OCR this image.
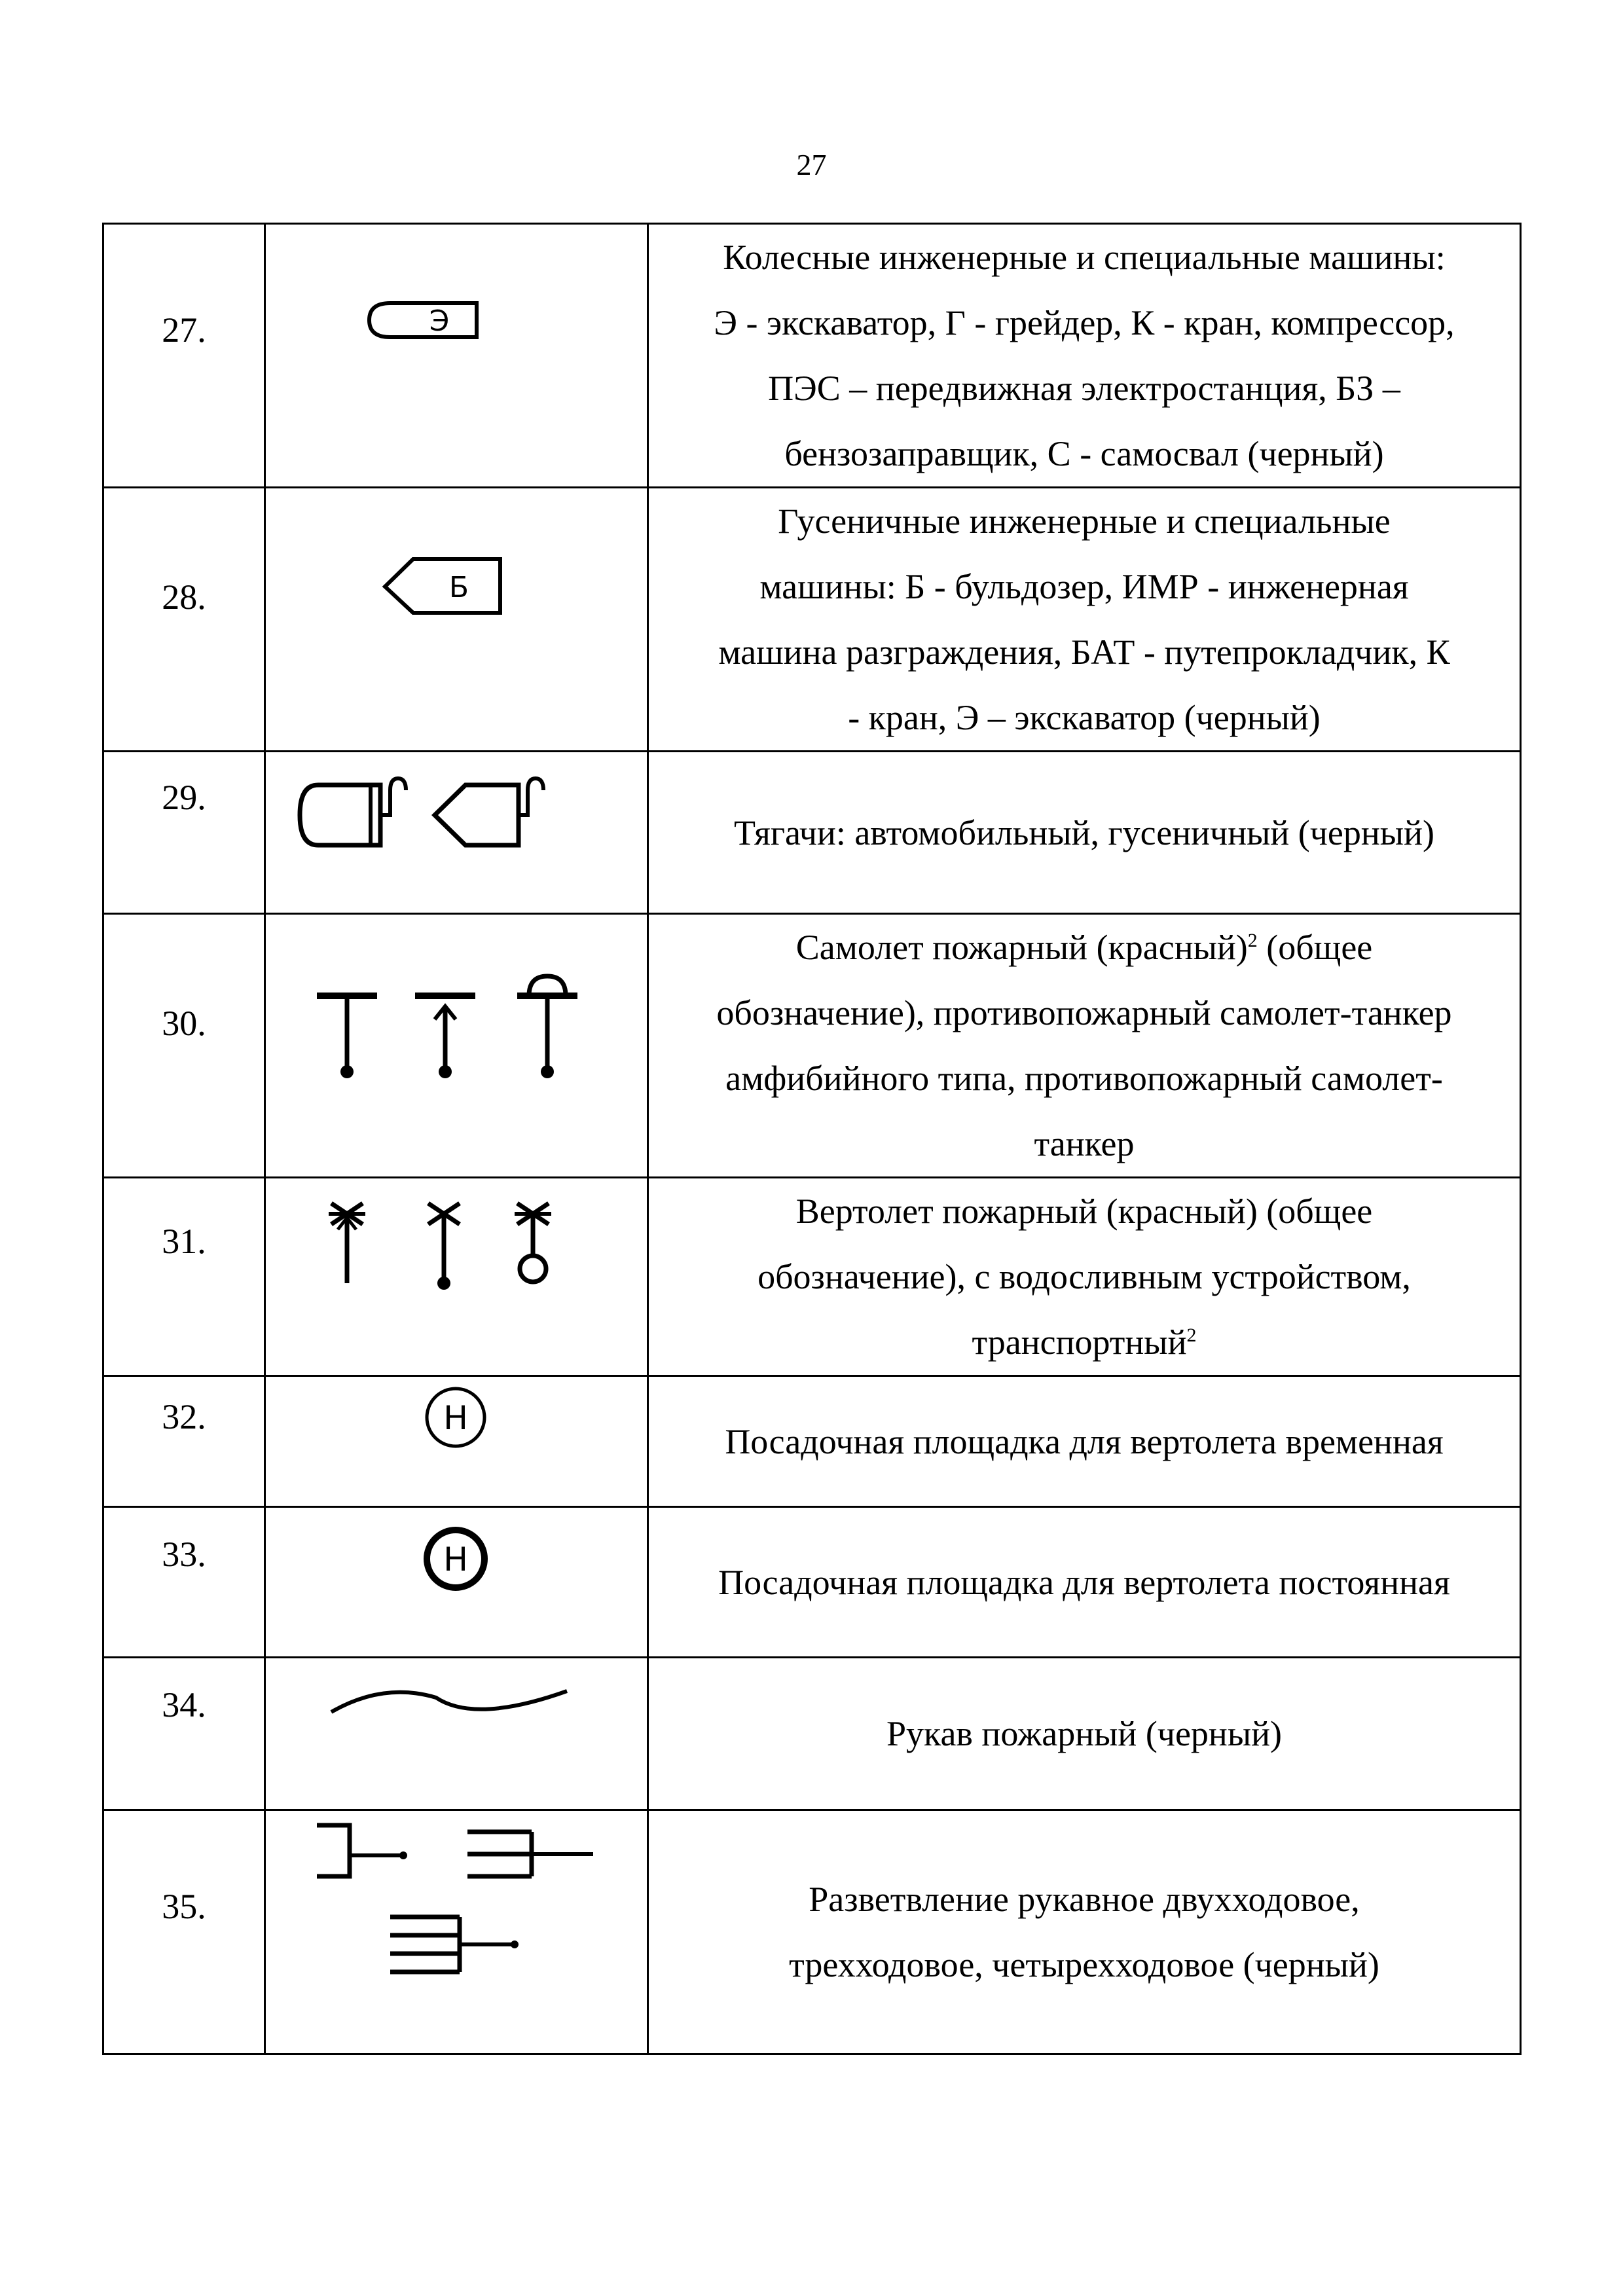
27
27.	Э	Колесные инженерные и специальные машины:
Э - экскаватор, Г - грейдер, К - кран, компрессор,
ПЭС – передвижная электростанция, БЗ –
бензозаправщик, С - самосвал (черный)

28.	Б	Гусеничные инженерные и специальные
машины: Б - бульдозер, ИМР - инженерная
машина разграждения, БАТ - путепрокладчик, К
- кран, Э – экскаватор (черный)

29.		Тягачи: автомобильный, гусеничный (черный)

30.		Самолет пожарный (красный)$^2$ (общее
обозначение), противопожарный самолет-танкер
амфибийного типа, противопожарный самолет-
танкер

31.		Вертолет пожарный (красный) (общее
обозначение), с водосливным устройством,
транспортный$^2$

32.	Н	Посадочная площадка для вертолета временная

33.	Н	Посадочная площадка для вертолета постоянная

34.		Рукав пожарный (черный)

35.		Разветвление рукавное двухходовое,
трехходовое, четырехходовое (черный)
